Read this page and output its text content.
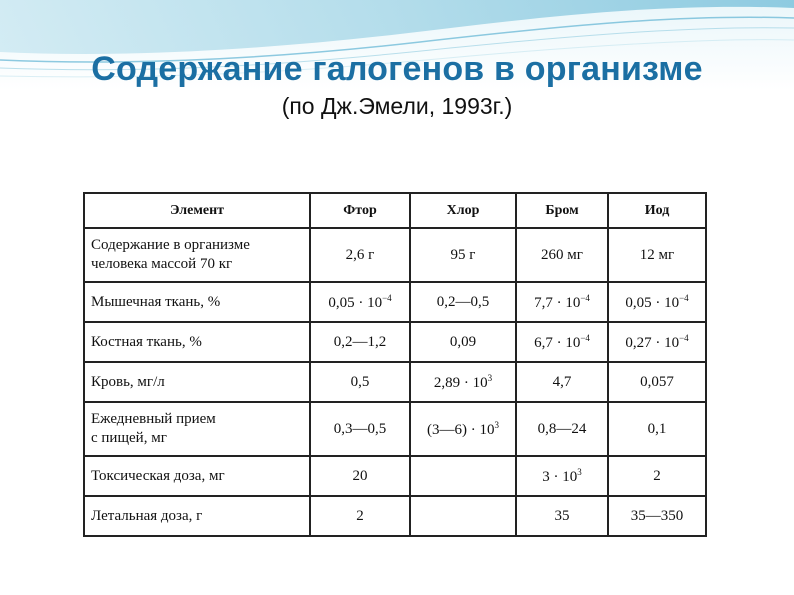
Содержание галогенов в организме
(по Дж.Эмели, 1993г.)
Элемент	Фтор	Хлор	Бром	Иод
Содержание в организме
человека массой 70 кг	2,6 г	95 г	260 мг	12 мг
Мышечная ткань, %	$0,05 \cdot 10^{-4}$	0,2—0,5	$7,7 \cdot 10^{-4}$	$0,05 \cdot 10^{-4}$
Костная ткань, %	0,2—1,2	0,09	$6,7 \cdot 10^{-4}$	$0,27 \cdot 10^{-4}$
Кровь, мг/л	0,5	$2,89 \cdot 10^3$	4,7	0,057
Ежедневный прием
с пищей, мг	0,3—0,5	(3—6) · $10^3$	0,8—24	0,1
Токсическая доза, мг	20		$3 \cdot 10^3$	2
Летальная доза, г	2		35	35—350
